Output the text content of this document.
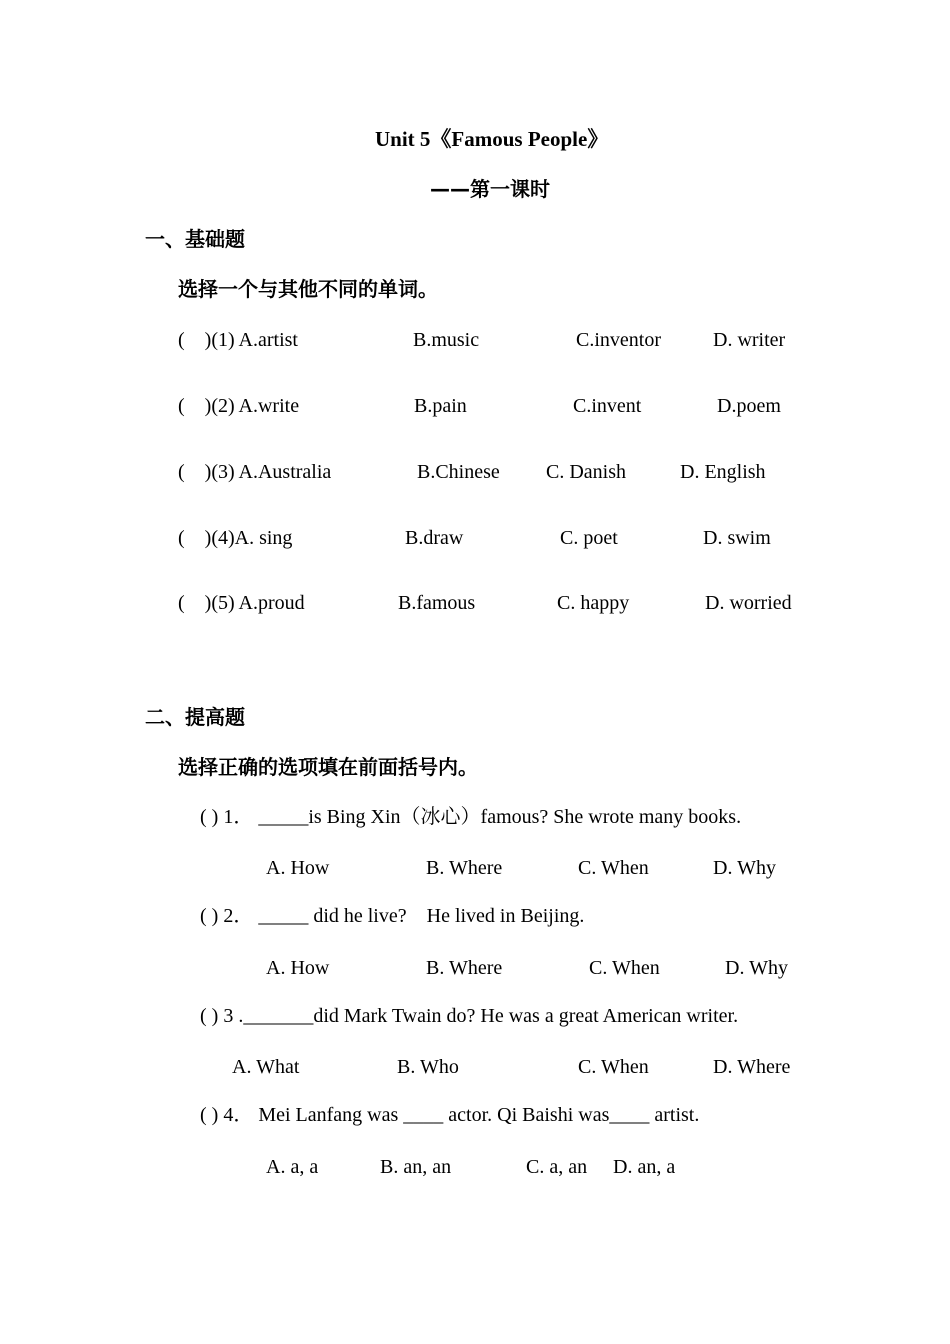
Unit 5《Famous People》
——第一课时
一、基础题
选择一个与其他不同的单词。
(    )(1) A.artist	B.music	C.inventor	D. writer
(    )(2) A.write	B.pain	C.invent	D.poem
(    )(3) A.Australia	B.Chinese C. Danish	D. English
(    )(4)A. sing	B.draw	C. poet	D. swim
(    )(5) A.proud	B.famous	C. happy	D. worried
二、提高题
选择正确的选项填在前面括号内。
( ) 1． _____is Bing Xin（冰心）famous? She wrote many books.
A. How	B. Where	C. When	D. Why
( ) 2． _____ did he live?    He lived in Beijing.
A. How	B. Where	C. When	D. Why
( ) 3 ._______did Mark Twain do? He was a great American writer.
A. What	B. Who	C. When	D. Where
( ) 4． Mei Lanfang was ____ actor. Qi Baishi was____ artist.
A. a, a	B. an, an	C. a, an D. an, a
